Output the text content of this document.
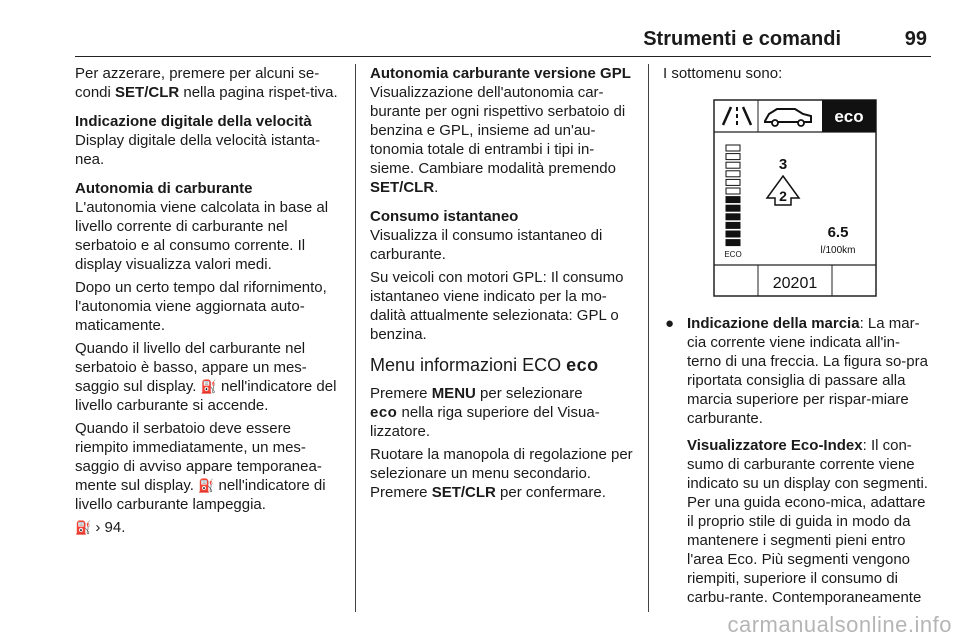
Strumenti e comandi	99

Per azzerare, premere per alcuni se-condi SET/CLR nella pagina rispet-tiva.

Indicazione digitale della velocità

Display digitale della velocità istanta-nea.

Autonomia di carburante

L'autonomia viene calcolata in base al livello corrente di carburante nel serbatoio e al consumo corrente. Il display visualizza valori medi.

Dopo un certo tempo dal rifornimento, l'autonomia viene aggiornata auto-maticamente.

Quando il livello del carburante nel serbatoio è basso, appare un mes-saggio sul display. ⛽ nell'indicatore del livello carburante si accende.

Quando il serbatoio deve essere riempito immediatamente, un mes-saggio di avviso appare temporanea-mente sul display. ⛽ nell'indicatore di livello carburante lampeggia.

⛽ › 94.

Autonomia carburante versione GPL

Visualizzazione dell'autonomia car-burante per ogni rispettivo serbatoio di benzina e GPL, insieme ad un'au-tonomia totale di entrambi i tipi in-sieme. Cambiare modalità premendo SET/CLR.

Consumo istantaneo

Visualizza il consumo istantaneo di carburante.

Su veicoli con motori GPL: Il consumo istantaneo viene indicato per la mo-dalità attualmente selezionata: GPL o benzina.

Menu informazioni ECO eco

Premere MENU per selezionare
eco nella riga superiore del Visua-lizzatore.

Ruotare la manopola di regolazione per selezionare un menu secondario. Premere SET/CLR per confermare.

I sottomenu sono:

eco
ECO
3
2
6.5
l/100km
20201
● Indicazione della marcia: La mar-cia corrente viene indicata all'in-terno di una freccia. La figura so-pra riportata consiglia di passare alla marcia superiore per rispar-miare carburante.
Visualizzatore Eco-Index: Il con-sumo di carburante corrente viene indicato su un display con segmenti. Per una guida econo-mica, adattare il proprio stile di guida in modo da mantenere i segmenti pieni entro l'area Eco. Più segmenti vengono riempiti, superiore il consumo di carbu-rante. Contemporaneamente
carmanualsonline.info
